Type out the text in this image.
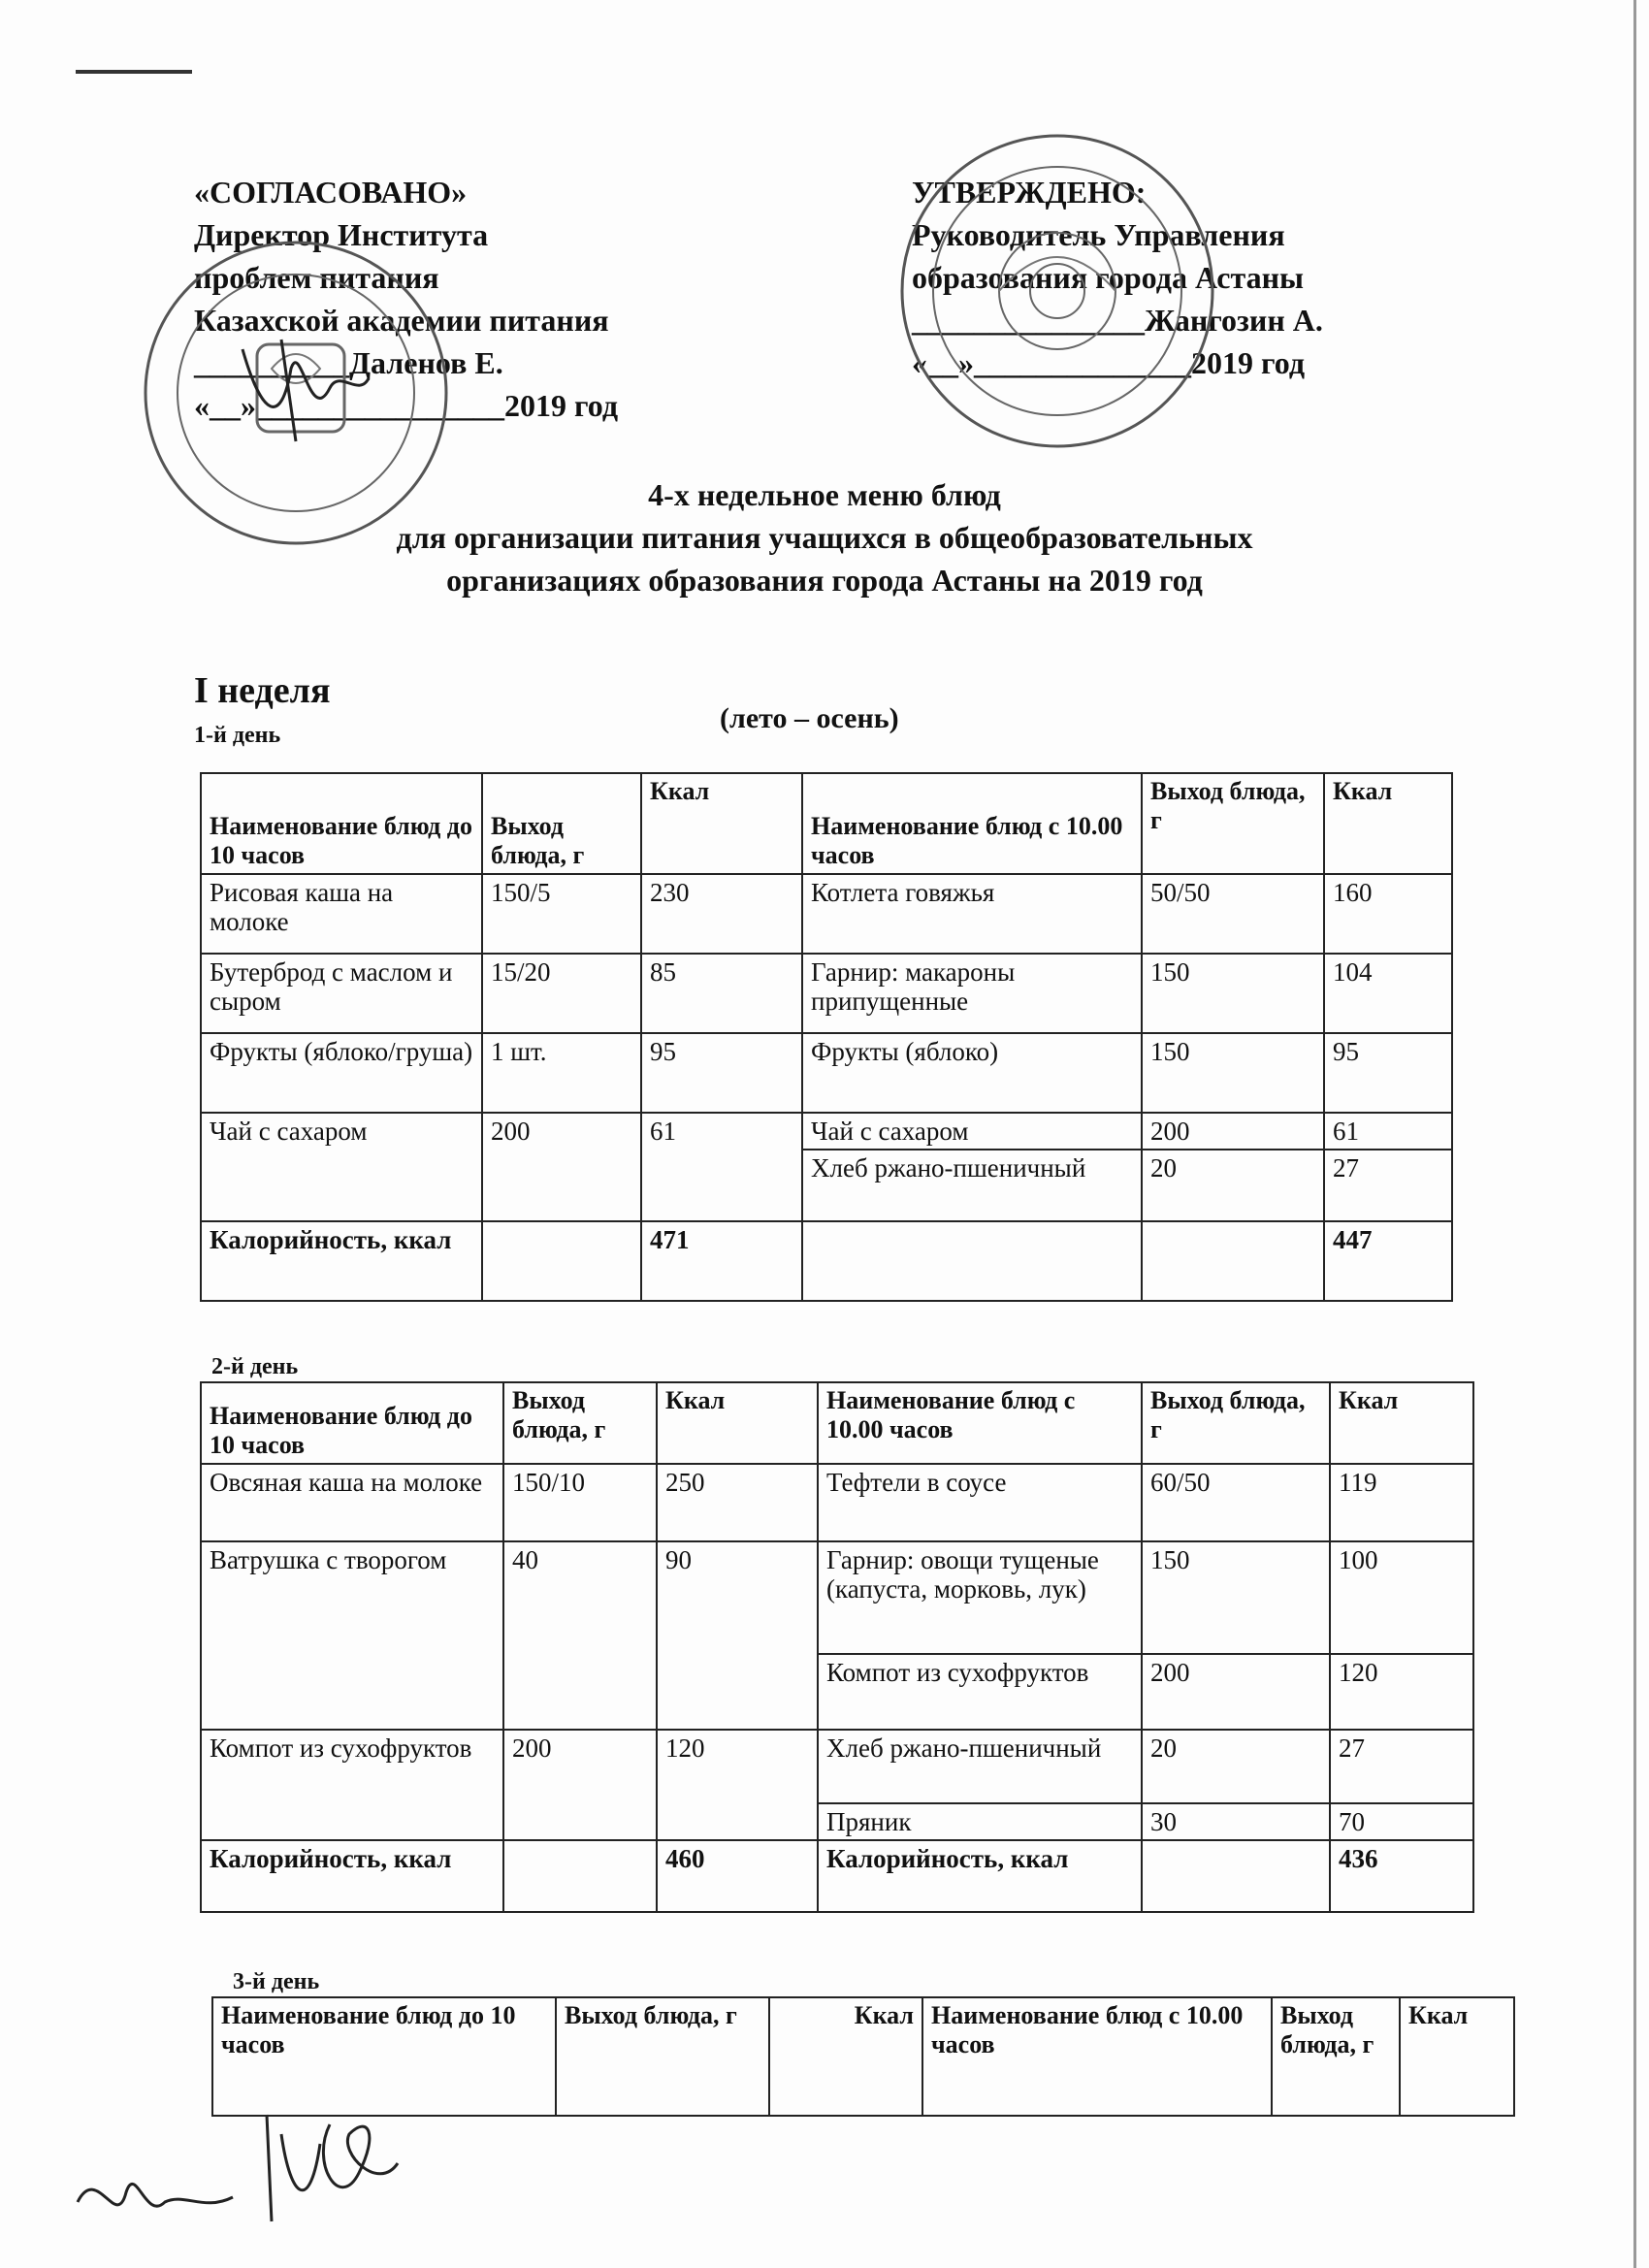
«СОГЛАСОВАНО»
Директор Института
проблем питания
Казахской академии питания
__________Даленов Е.
«__»________________2019 год
УТВЕРЖДЕНО:
Руководитель Управления
образования города Астаны
_______________Жангозин А.
«__»______________2019 год
4-х недельное меню блюд
для организации питания учащихся в общеобразовательных
организациях образования города Астаны на 2019 год
I неделя
1-й день
(лето – осень)
Наименование блюд до 10 часов	Выход блюда, г	Ккал	Наименование блюд с 10.00 часов	Выход блюда, г	Ккал
Рисовая каша на молоке	150/5	230	Котлета говяжья	50/50	160
Бутерброд с маслом и сыром	15/20	85	Гарнир: макароны припущенные	150	104
Фрукты (яблоко/груша)	1 шт.	95	Фрукты (яблоко)	150	95
Чай с сахаром	200	61	Чай с сахаром	200	61
			Хлеб ржано-пшеничный	20	27
Калорийность, ккал		471			447
2-й день
Наименование блюд до 10 часов	Выход блюда, г	Ккал	Наименование блюд с 10.00 часов	Выход блюда, г	Ккал
Овсяная каша на молоке	150/10	250	Тефтели в соусе	60/50	119
Ватрушка с творогом	40	90	Гарнир: овощи тущеные (капуста, морковь, лук)	150	100
			Компот из сухофруктов	200	120
Компот из сухофруктов	200	120	Хлеб ржано-пшеничный	20	27
			Пряник	30	70
Калорийность, ккал		460	Калорийность, ккал		436
3-й день
Наименование блюд до 10 часов	Выход блюда, г	Ккал	Наименование блюд с 10.00 часов	Выход блюда, г	Ккал
